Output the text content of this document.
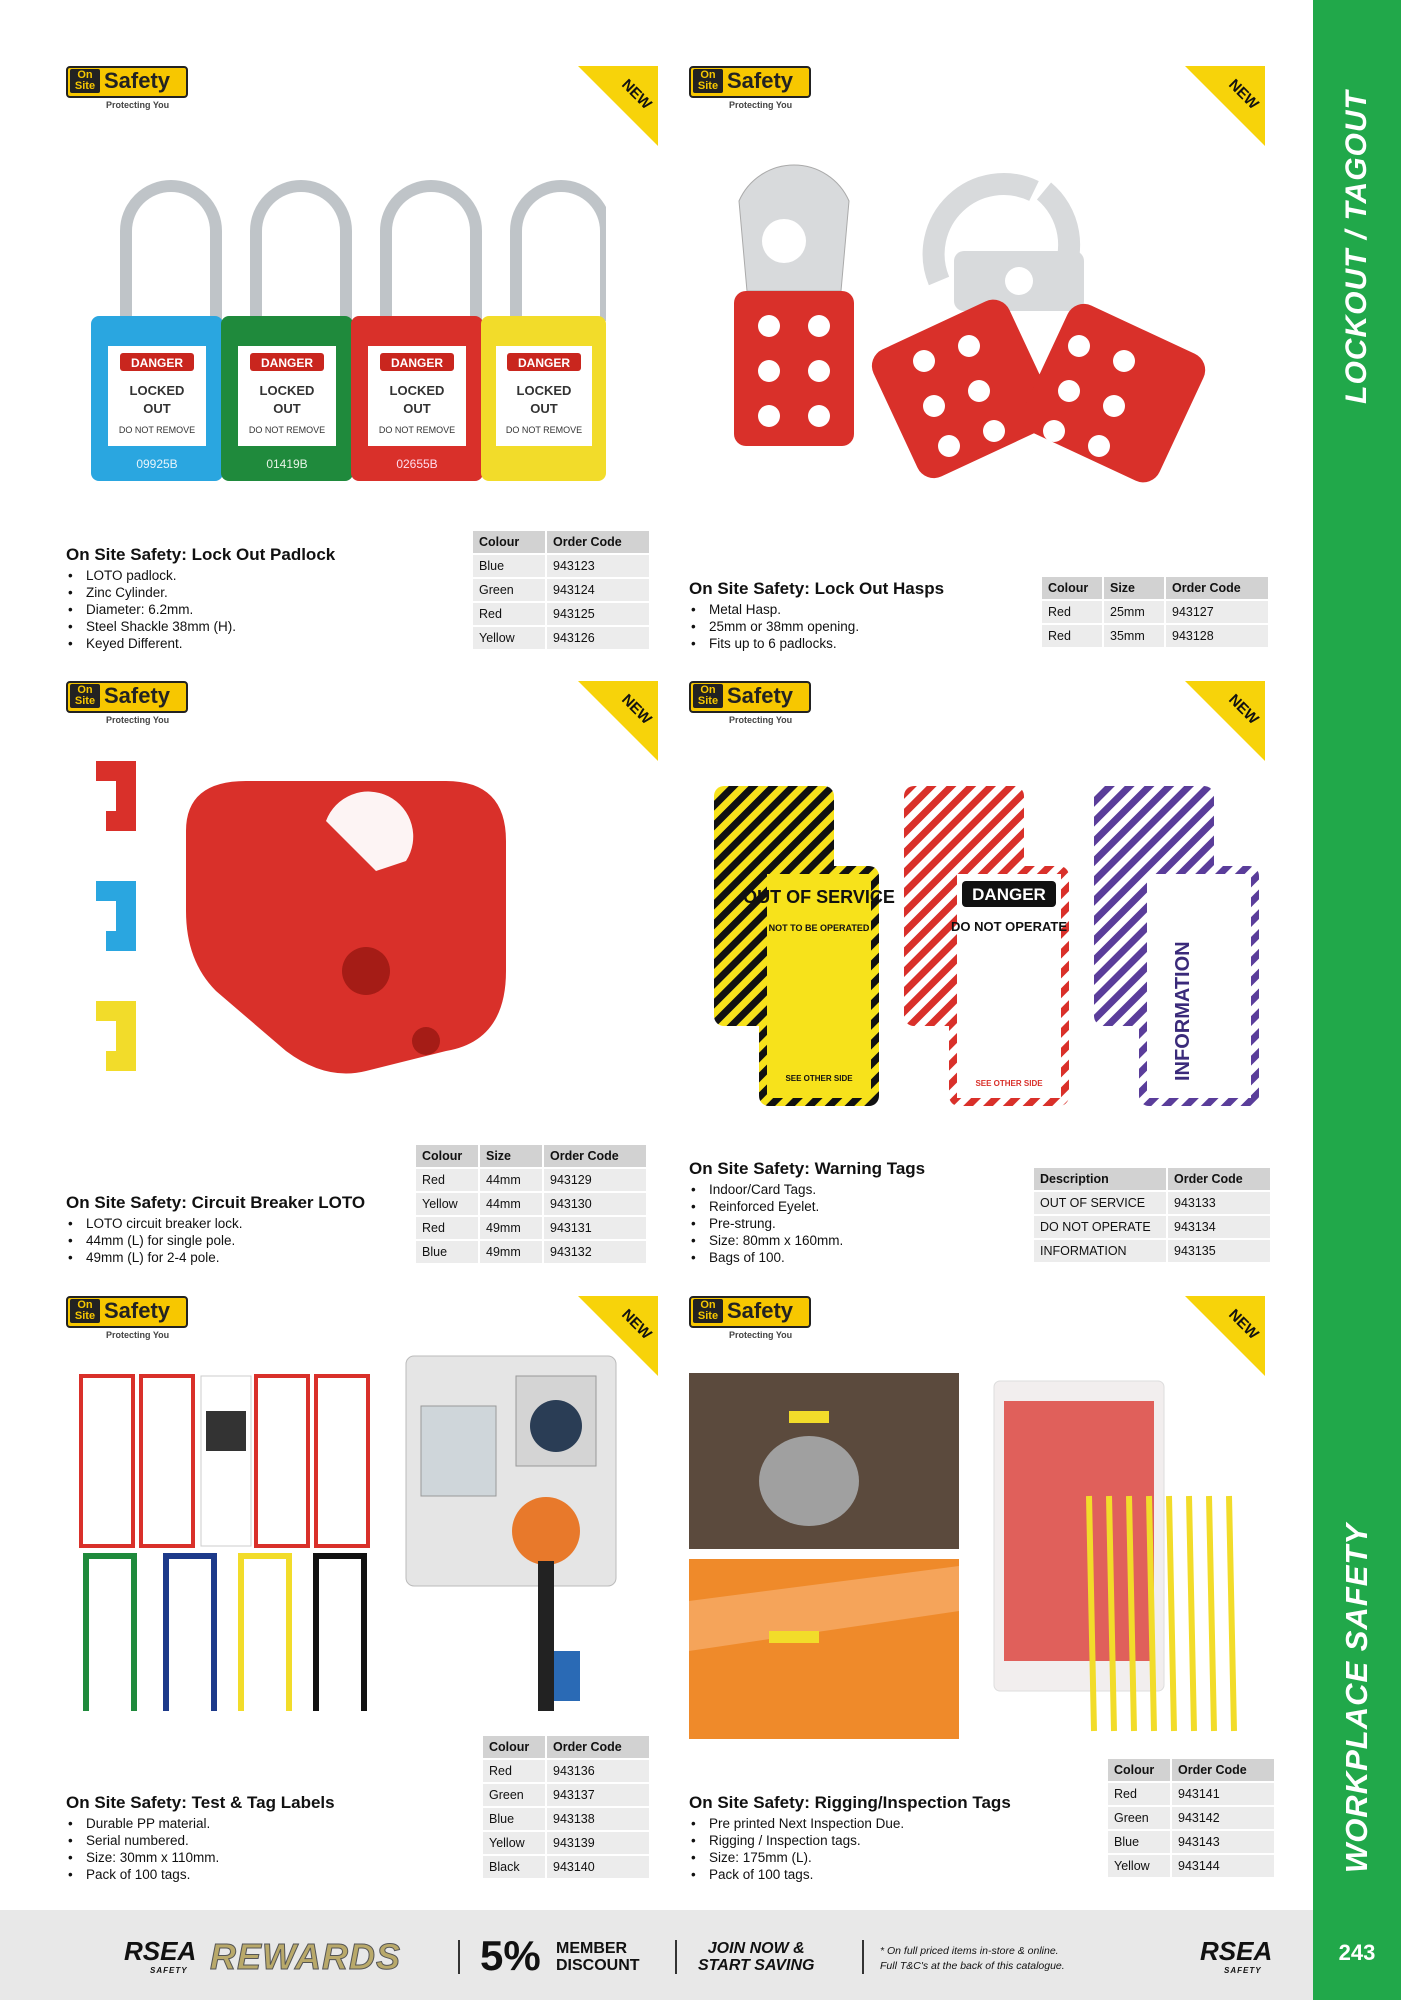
LOCKOUT / TAGOUT
WORKPLACE SAFETY
243
On
Site Safety
Protecting You	NEW
DANGER	DANGER	DANGER	DANGER
LOCKED	LOCKED	LOCKED	LOCKED
OUT	OUT	OUT	OUT
DO NOT REMOVE	DO NOT REMOVE	DO NOT REMOVE	DO NOT REMOVE
09925B	01419B	02655B
On Site Safety: Lock Out Padlock
• LOTO padlock.
• Zinc Cylinder.
• Diameter: 6.2mm.
• Steel Shackle 38mm (H).
• Keyed Different.
Colour	Order Code
Blue	943123
Green	943124
Red	943125
Yellow	943126
On
Site Safety
Protecting You	NEW
On Site Safety: Lock Out Hasps
• Metal Hasp.
• 25mm or 38mm opening.
• Fits up to 6 padlocks.
Colour	Size	Order Code
Red	25mm	943127
Red	35mm	943128
On
Site Safety
Protecting You	NEW
On Site Safety: Circuit Breaker LOTO
• LOTO circuit breaker lock.
• 44mm (L) for single pole.
• 49mm (L) for 2-4 pole.
Colour	Size	Order Code
Red	44mm	943129
Yellow	44mm	943130
Red	49mm	943131
Blue	49mm	943132
On
Site Safety
Protecting You	NEW
OUT OF SERVICE
NOT TO BE OPERATED
SEE OTHER SIDE
DANGER
DO NOT OPERATE
SEE OTHER SIDE
INFORMATION
On Site Safety: Warning Tags
• Indoor/Card Tags.
• Reinforced Eyelet.
• Pre-strung.
• Size: 80mm x 160mm.
• Bags of 100.
Description	Order Code
OUT OF SERVICE	943133
DO NOT OPERATE	943134
INFORMATION	943135
On
Site Safety
Protecting You	NEW
On Site Safety: Test & Tag Labels
• Durable PP material.
• Serial numbered.
• Size: 30mm x 110mm.
• Pack of 100 tags.
Colour	Order Code
Red	943136
Green	943137
Blue	943138
Yellow	943139
Black	943140
On
Site Safety
Protecting You	NEW
On Site Safety: Rigging/Inspection Tags
• Pre printed Next Inspection Due.
• Rigging / Inspection tags.
• Size: 175mm (L).
• Pack of 100 tags.
Colour	Order Code
Red	943141
Green	943142
Blue	943143
Yellow	943144
RSEA
SAFETY REWARDS 5% MEMBER
DISCOUNT
JOIN NOW &
START SAVING
* On full priced items in-store & online.
Full T&C's at the back of this catalogue.	RSEA
SAFETY
